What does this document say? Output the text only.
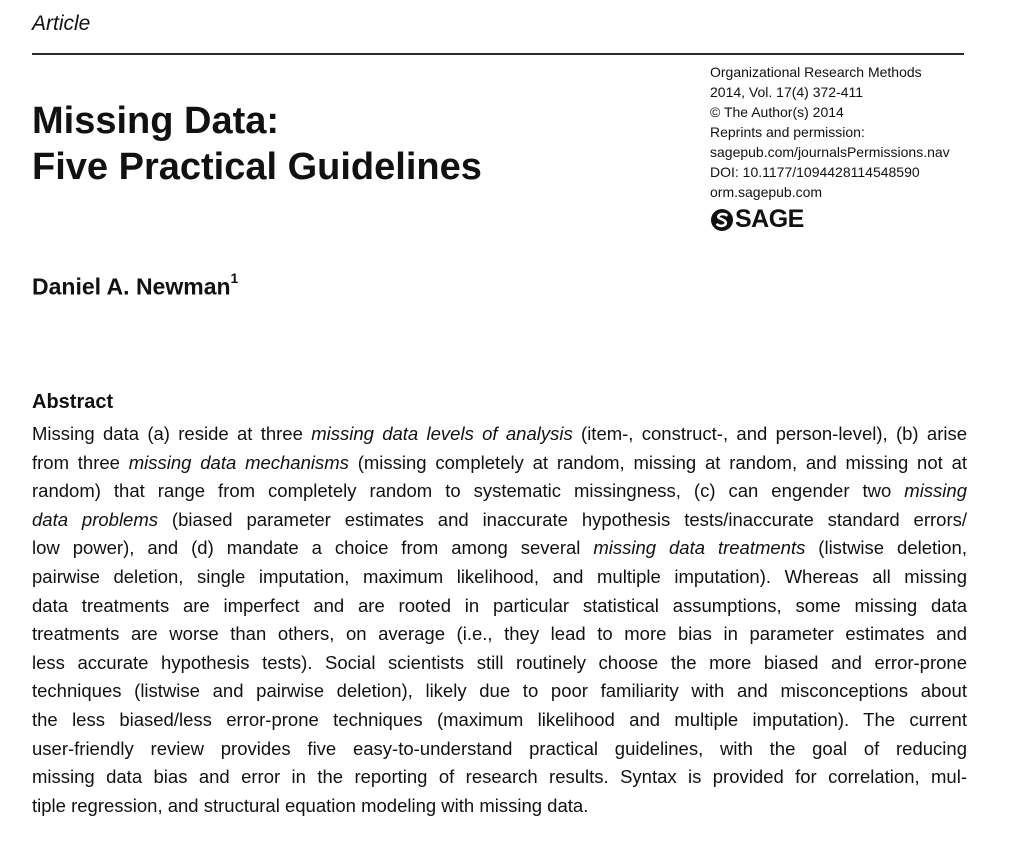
Article
Missing Data:
Five Practical Guidelines
Organizational Research Methods
2014, Vol. 17(4) 372-411
© The Author(s) 2014
Reprints and permission:
sagepub.com/journalsPermissions.nav
DOI: 10.1177/1094428114548590
orm.sagepub.com
SAGE
Daniel A. Newman$^1$
Abstract
Missing data (a) reside at three missing data levels of analysis (item-, construct-, and person-level), (b) arise
from three missing data mechanisms (missing completely at random, missing at random, and missing not at
random) that range from completely random to systematic missingness, (c) can engender two missing
data problems (biased parameter estimates and inaccurate hypothesis tests/inaccurate standard errors/
low power), and (d) mandate a choice from among several missing data treatments (listwise deletion,
pairwise deletion, single imputation, maximum likelihood, and multiple imputation). Whereas all missing
data treatments are imperfect and are rooted in particular statistical assumptions, some missing data
treatments are worse than others, on average (i.e., they lead to more bias in parameter estimates and
less accurate hypothesis tests). Social scientists still routinely choose the more biased and error-prone
techniques (listwise and pairwise deletion), likely due to poor familiarity with and misconceptions about
the less biased/less error-prone techniques (maximum likelihood and multiple imputation). The current
user-friendly review provides five easy-to-understand practical guidelines, with the goal of reducing
missing data bias and error in the reporting of research results. Syntax is provided for correlation, mul-
tiple regression, and structural equation modeling with missing data.
